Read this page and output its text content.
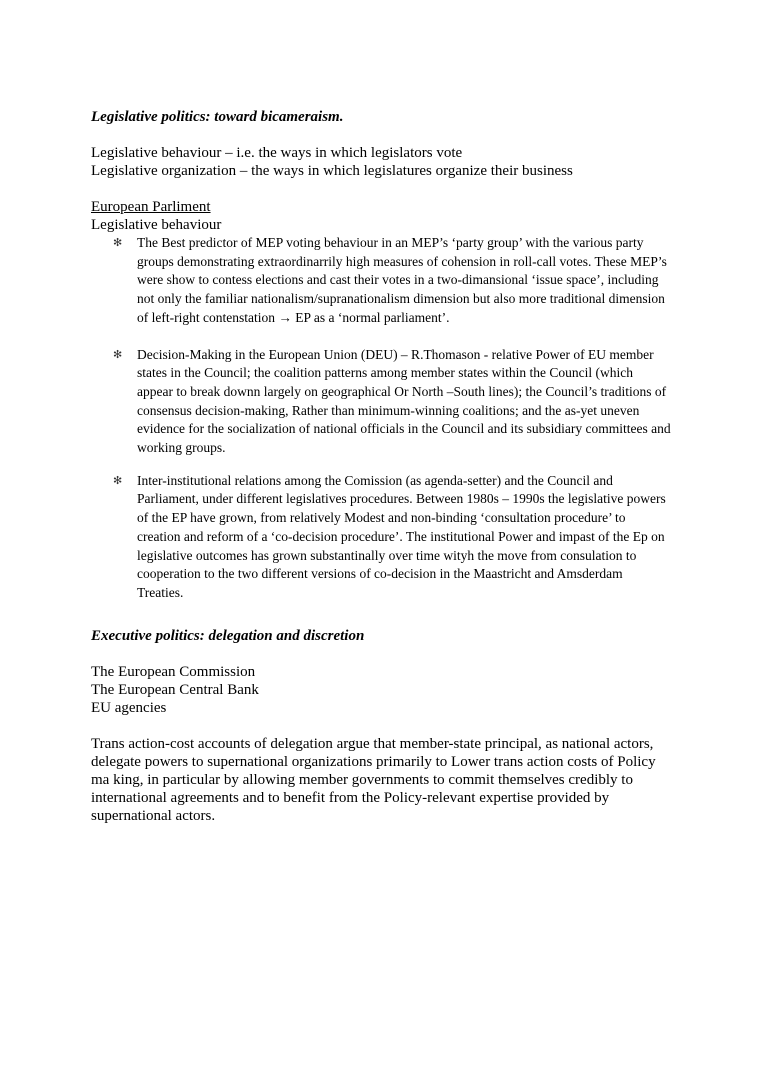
Legislative politics: toward bicameraism.

Legislative behaviour – i.e. the ways in which legislators vote

Legislative organization – the ways in which legislatures organize their business

European Parliment

Legislative behaviour

✻ The Best predictor of MEP voting behaviour in an MEP’s ‘party group’ with the various party groups demonstrating extraordinarrily high measures of cohension in roll-call votes. These MEP’s were show to contess elections and cast their votes in a two-dimansional ‘issue space’, including not only the familiar nationalism/supranationalism dimension but also more traditional dimension of left-right contenstation → EP as a ‘normal parliament’.
✻ Decision-Making in the European Union (DEU) – R.Thomason - relative Power of EU member states in the Council; the coalition patterns among member states within the Council (which appear to break downn largely on geographical Or North –South lines); the Council’s traditions of consensus decision-making, Rather than minimum-winning coalitions; and the as-yet uneven evidence for the socialization of national officials in the Council and its subsidiary committees and working groups.
✻ Inter-institutional relations among the Comission (as agenda-setter) and the Council and Parliament, under different legislatives procedures. Between 1980s – 1990s the legislative powers of the EP have grown, from relatively Modest and non-binding ‘consultation procedure’ to creation and reform of a ‘co-decision procedure’. The institutional Power and impast of the Ep on legislative outcomes has grown substantinally over time wityh the move from consulation to cooperation to the two different versions of co-decision in the Maastricht and Amsderdam Treaties.

Executive politics: delegation and discretion

The European Commission

The European Central Bank

EU agencies

Trans action-cost accounts of delegation argue that member-state principal, as national actors, delegate powers to supernational organizations primarily to Lower trans action costs of Policy ma king, in particular by allowing member governments to commit themselves credibly to international agreements and to benefit from the Policy-relevant expertise provided by supernational actors.
